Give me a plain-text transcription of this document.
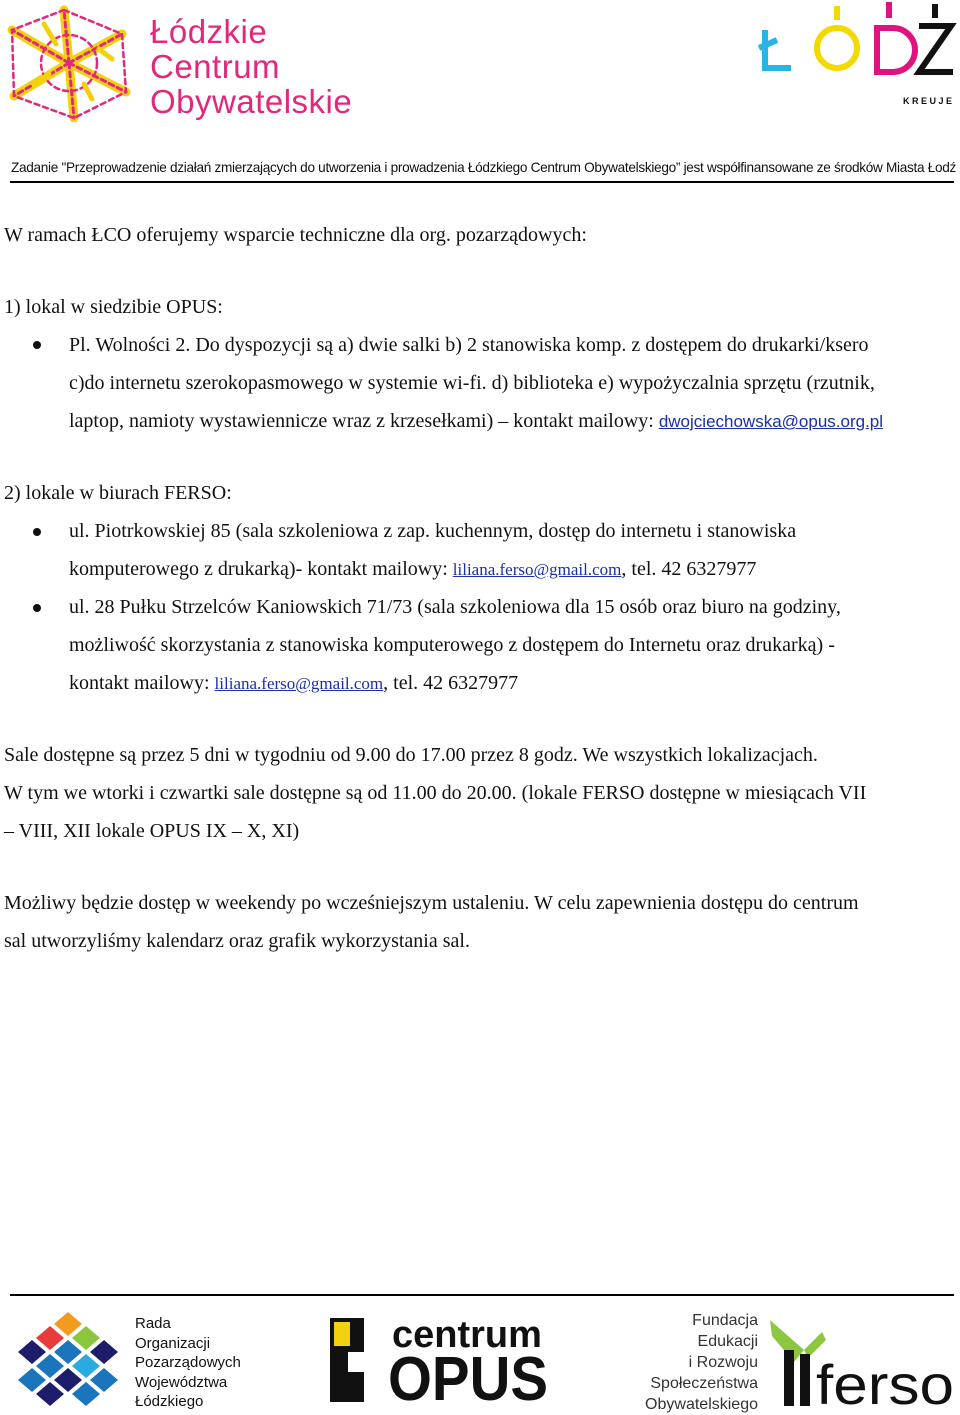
Łódzkie
Centrum
Obywatelskie	KREUJE
Zadanie "Przeprowadzenie działań zmierzających do utworzenia i prowadzenia Łódzkiego Centrum Obywatelskiego” jest współfinansowane ze środków Miasta Łodź
W ramach ŁCO oferujemy wsparcie techniczne dla org. pozarządowych:
1) lokal w siedzibie OPUS:
Pl. Wolności 2. Do dyspozycji są a) dwie salki b) 2 stanowiska komp. z dostępem do drukarki/ksero
c)do internetu szerokopasmowego w systemie wi-fi. d) biblioteka e) wypożyczalnia sprzętu (rzutnik,
laptop, namioty wystawiennicze wraz z krzesełkami) – kontakt mailowy: dwojciechowska@opus.org.pl
2) lokale w biurach FERSO:
ul. Piotrkowskiej 85 (sala szkoleniowa z zap. kuchennym, dostęp do internetu i stanowiska
komputerowego z drukarką)- kontakt mailowy: liliana.ferso@gmail.com, tel. 42 6327977
ul. 28 Pułku Strzelców Kaniowskich 71/73 (sala szkoleniowa dla 15 osób oraz biuro na godziny,
możliwość skorzystania z stanowiska komputerowego z dostępem do Internetu oraz drukarką) -
kontakt mailowy: liliana.ferso@gmail.com, tel. 42 6327977
Sale dostępne są przez 5 dni w tygodniu od 9.00 do 17.00 przez 8 godz. We wszystkich lokalizacjach.
W tym we wtorki i czwartki sale dostępne są od 11.00 do 20.00. (lokale FERSO dostępne w miesiącach VII
– VIII, XII lokale OPUS IX – X, XI)
Możliwy będzie dostęp w weekendy po wcześniejszym ustaleniu. W celu zapewnienia dostępu do centrum
sal utworzyliśmy kalendarz oraz grafik wykorzystania sal.
Rada
Organizacji
Pozarządowych
Województwa
Łódzkiego
centrum
OPUS
Fundacja
Edukacji
i Rozwoju
Społeczeństwa
Obywatelskiego ferso
